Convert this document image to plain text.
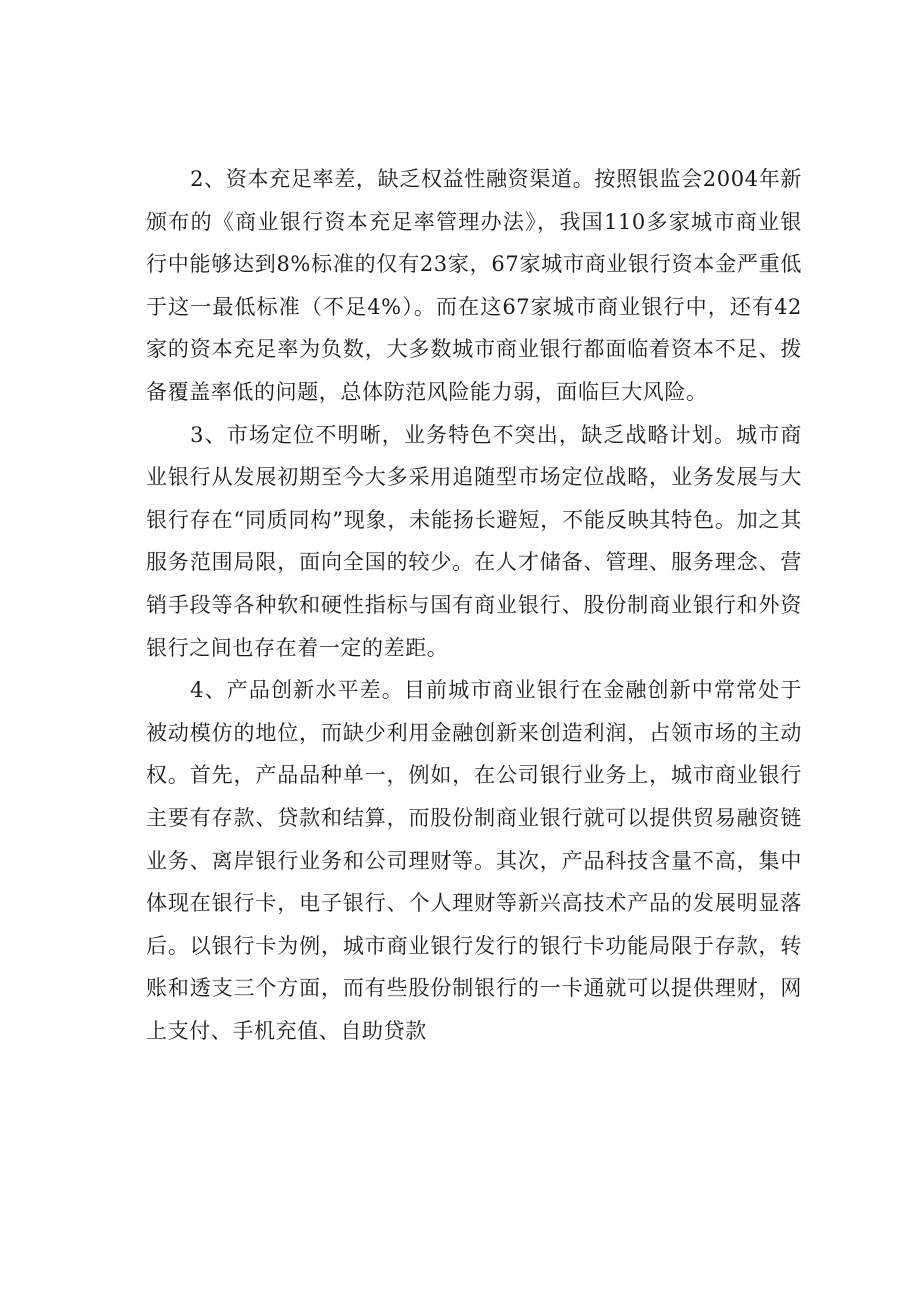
2、资本充足率差，缺乏权益性融资渠道。按照银监会2004年新颁布的《商业银行资本充足率管理办法》，我国110多家城市商业银行中能够达到8%标准的仅有23家，67家城市商业银行资本金严重低于这一最低标准（不足4%）。而在这67家城市商业银行中，还有42家的资本充足率为负数，大多数城市商业银行都面临着资本不足、拨备覆盖率低的问题，总体防范风险能力弱，面临巨大风险。

3、市场定位不明晰，业务特色不突出，缺乏战略计划。城市商业银行从发展初期至今大多采用追随型市场定位战略，业务发展与大银行存在“同质同构”现象，未能扬长避短，不能反映其特色。加之其服务范围局限，面向全国的较少。在人才储备、管理、服务理念、营销手段等各种软和硬性指标与国有商业银行、股份制商业银行和外资银行之间也存在着一定的差距。

4、产品创新水平差。目前城市商业银行在金融创新中常常处于被动模仿的地位，而缺少利用金融创新来创造利润，占领市场的主动权。首先，产品品种单一，例如，在公司银行业务上，城市商业银行主要有存款、贷款和结算，而股份制商业银行就可以提供贸易融资链业务、离岸银行业务和公司理财等。其次，产品科技含量不高，集中体现在银行卡，电子银行、个人理财等新兴高技术产品的发展明显落后。以银行卡为例，城市商业银行发行的银行卡功能局限于存款，转账和透支三个方面，而有些股份制银行的一卡通就可以提供理财，网上支付、手机充值、自助贷款
